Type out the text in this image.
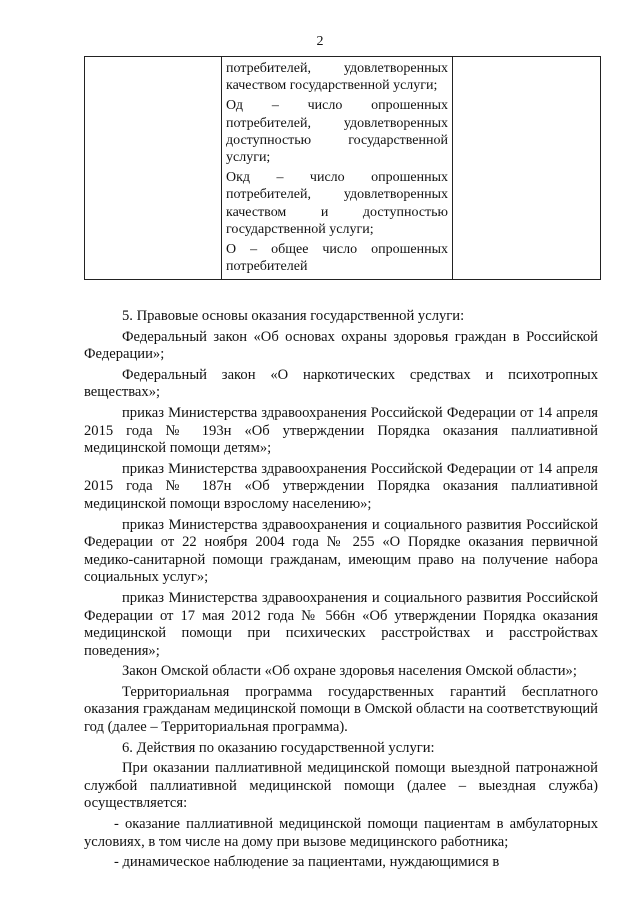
2

потребителей, удовлетворенных качеством государственной услуги;

Од – число опрошенных потребителей, удовлетворенных доступностью государственной услуги;

Окд – число опрошенных потребителей, удовлетворенных качеством и доступностью государственной услуги;

О – общее число опрошенных потребителей

5. Правовые основы оказания государственной услуги:

Федеральный закон «Об основах охраны здоровья граждан в Российской Федерации»;

Федеральный закон «О наркотических средствах и психотропных веществах»;

приказ Министерства здравоохранения Российской Федерации от 14 апреля 2015 года № 193н «Об утверждении Порядка оказания паллиативной медицинской помощи детям»;

приказ Министерства здравоохранения Российской Федерации от 14 апреля 2015 года № 187н «Об утверждении Порядка оказания паллиативной медицинской помощи взрослому населению»;

приказ Министерства здравоохранения и социального развития Российской Федерации от 22 ноября 2004 года № 255 «О Порядке оказания первичной медико-санитарной помощи гражданам, имеющим право на получение набора социальных услуг»;

приказ Министерства здравоохранения и социального развития Российской Федерации от 17 мая 2012 года № 566н «Об утверждении Порядка оказания медицинской помощи при психических расстройствах и расстройствах поведения»;

Закон Омской области «Об охране здоровья населения Омской области»;

Территориальная программа государственных гарантий бесплатного оказания гражданам медицинской помощи в Омской области на соответствующий год (далее – Территориальная программа).

6. Действия по оказанию государственной услуги:

При оказании паллиативной медицинской помощи выездной патронажной службой паллиативной медицинской помощи (далее – выездная служба) осуществляется:

- оказание паллиативной медицинской помощи пациентам в амбулаторных условиях, в том числе на дому при вызове медицинского работника;

- динамическое наблюдение за пациентами, нуждающимися в
